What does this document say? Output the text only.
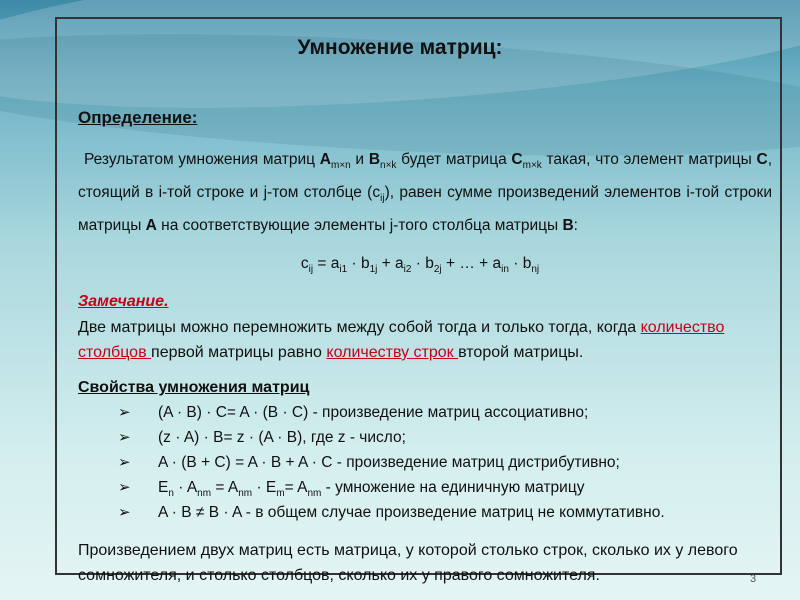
Умножение матриц:
Определение:
Результатом умножения матриц $A_{m\times n}$ и $B_{n\times k}$ будет матрица $C_{m\times k}$ такая, что элемент матрицы C, стоящий в i-той строке и j-том столбце $(c_{ij})$, равен сумме произведений элементов i-той строки матрицы A на соответствующие элементы j-того столбца матрицы B:
$c_{ij} = a_{i1} \cdot b_{1j} + a_{i2} \cdot b_{2j}$ + … + $a_{in} \cdot b_{nj}$
Замечание.
Две матрицы можно перемножить между собой тогда и только тогда, когда количество столбцов первой матрицы равно количеству строк второй матрицы.
Свойства умножения матриц
➢ (A · B) · C= A · (B · C) - произведение матриц ассоциативно;
➢ (z · A) · B= z · (A · B), где z - число;
➢ A · (B + C) = A · B + A · C - произведение матриц дистрибутивно;
➢ $E_n \cdot A_{nm} = A_{nm} \cdot E_m= A_{nm}$ - умножение на единичную матрицу
➢ A · B ≠ B · A - в общем случае произведение матриц не коммутативно.
Произведением двух матриц есть матрица, у которой столько строк, сколько их у левого сомножителя, и столько столбцов, сколько их у правого сомножителя.	3
